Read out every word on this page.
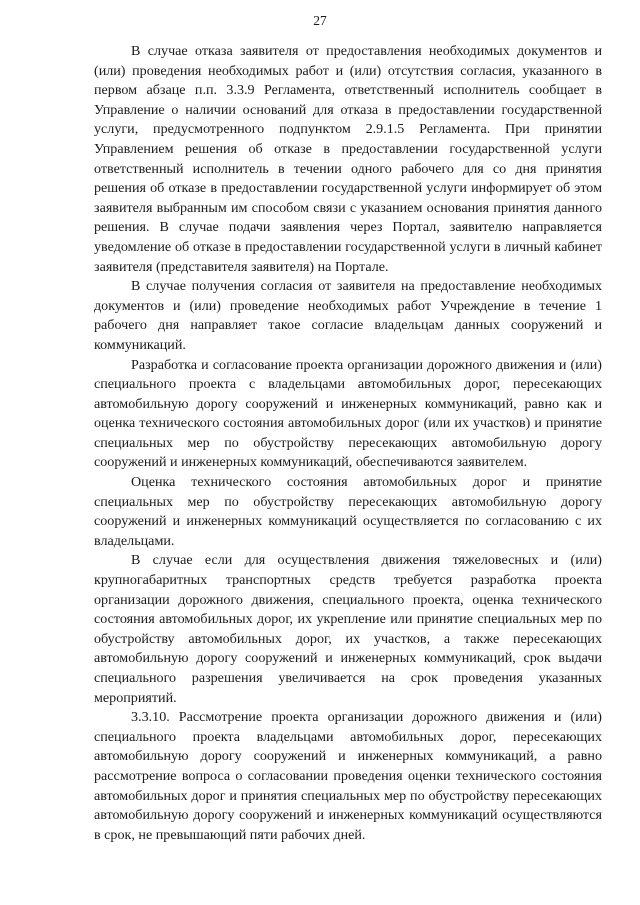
27

В случае отказа заявителя от предоставления необходимых документов и (или) проведения необходимых работ и (или) отсутствия согласия, указанного в первом абзаце п.п. 3.3.9 Регламента, ответственный исполнитель сообщает в Управление о наличии оснований для отказа в предоставлении государственной услуги, предусмотренного подпунктом 2.9.1.5 Регламента. При принятии Управлением решения об отказе в предоставлении государственной услуги ответственный исполнитель в течении одного рабочего для со дня принятия решения об отказе в предоставлении государственной услуги информирует об этом заявителя выбранным им способом связи с указанием основания принятия данного решения. В случае подачи заявления через Портал, заявителю направляется уведомление об отказе в предоставлении государственной услуги в личный кабинет заявителя (представителя заявителя) на Портале.

В случае получения согласия от заявителя на предоставление необходимых документов и (или) проведение необходимых работ Учреждение в течение 1 рабочего дня направляет такое согласие владельцам данных сооружений и коммуникаций.

Разработка и согласование проекта организации дорожного движения и (или) специального проекта с владельцами автомобильных дорог, пересекающих автомобильную дорогу сооружений и инженерных коммуникаций, равно как и оценка технического состояния автомобильных дорог (или их участков) и принятие специальных мер по обустройству пересекающих автомобильную дорогу сооружений и инженерных коммуникаций, обеспечиваются заявителем.

Оценка технического состояния автомобильных дорог и принятие специальных мер по обустройству пересекающих автомобильную дорогу сооружений и инженерных коммуникаций осуществляется по согласованию с их владельцами.

В случае если для осуществления движения тяжеловесных и (или) крупногабаритных транспортных средств требуется разработка проекта организации дорожного движения, специального проекта, оценка технического состояния автомобильных дорог, их укрепление или принятие специальных мер по обустройству автомобильных дорог, их участков, а также пересекающих автомобильную дорогу сооружений и инженерных коммуникаций, срок выдачи специального разрешения увеличивается на срок проведения указанных мероприятий.

3.3.10. Рассмотрение проекта организации дорожного движения и (или) специального проекта владельцами автомобильных дорог, пересекающих автомобильную дорогу сооружений и инженерных коммуникаций, а равно рассмотрение вопроса о согласовании проведения оценки технического состояния автомобильных дорог и принятия специальных мер по обустройству пересекающих автомобильную дорогу сооружений и инженерных коммуникаций осуществляются в срок, не превышающий пяти рабочих дней.
